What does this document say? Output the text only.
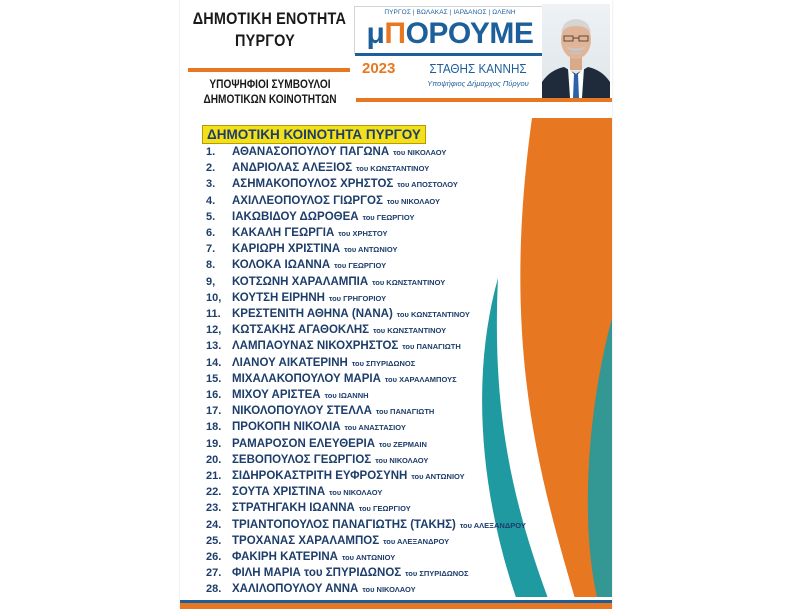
ΔΗΜΟΤΙΚΗ ΕΝΟΤΗΤΑ
ΠΥΡΓΟΥ
ΥΠΟΨΗΦΙΟΙ ΣΥΜΒΟΥΛΟΙ
ΔΗΜΟΤΙΚΩΝ ΚΟΙΝΟΤΗΤΩΝ
ΠΥΡΓΟΣ | ΒΩΛΑΚΑΣ | ΙΑΡΔΑΝΟΣ | ΩΛΕΝΗ
μΠΟΡΟΥΜΕ
2023	ΣΤΑΘΗΣ ΚΑΝΝΗΣ
Υποψήφιος Δήμαρχος Πύργου
ΔΗΜΟΤΙΚΗ ΚΟΙΝΟΤΗΤΑ ΠΥΡΓΟΥ
1. ΑΘΑΝΑΣΟΠΟΥΛΟΥ ΠΑΓΩΝΑ του ΝΙΚΟΛΑΟΥ
2. ΑΝΔΡΙΟΛΑΣ ΑΛΕΞΙΟΣ του ΚΩΝΣΤΑΝΤΙΝΟΥ
3. ΑΣΗΜΑΚΟΠΟΥΛΟΣ ΧΡΗΣΤΟΣ του ΑΠΟΣΤΟΛΟΥ
4. ΑΧΙΛΛΕΟΠΟΥΛΟΣ ΓΙΩΡΓΟΣ του ΝΙΚΟΛΑΟΥ
5. ΙΑΚΩΒΙΔΟΥ ΔΩΡΟΘΕΑ του ΓΕΩΡΓΙΟΥ
6. ΚΑΚΑΛΗ ΓΕΩΡΓΙΑ του ΧΡΗΣΤΟΥ
7. ΚΑΡΙΩΡΗ ΧΡΙΣΤΙΝΑ του ΑΝΤΩΝΙΟΥ
8. ΚΟΛΟΚΑ ΙΩΑΝΝΑ του ΓΕΩΡΓΙΟΥ
9, ΚΟΤΣΩΝΗ ΧΑΡΑΛΑΜΠΙΑ του ΚΩΝΣΤΑΝΤΙΝΟΥ
10, ΚΟΥΤΣΗ ΕΙΡΗΝΗ του ΓΡΗΓΟΡΙΟΥ
11. ΚΡΕΣΤΕΝΙΤΗ ΑΘΗΝΑ (ΝΑΝΑ) του ΚΩΝΣΤΑΝΤΙΝΟΥ
12, ΚΩΤΣΑΚΗΣ ΑΓΑΘΟΚΛΗΣ του ΚΩΝΣΤΑΝΤΙΝΟΥ
13. ΛΑΜΠΑΟΥΝΑΣ ΝΙΚΟΧΡΗΣΤΟΣ του ΠΑΝΑΓΙΩΤΗ
14. ΛΙΑΝΟΥ ΑΙΚΑΤΕΡΙΝΗ του ΣΠΥΡΙΔΩΝΟΣ
15. ΜΙΧΑΛΑΚΟΠΟΥΛΟΥ ΜΑΡΙΑ του ΧΑΡΑΛΑΜΠΟΥΣ
16. ΜΙΧΟΥ ΑΡΙΣΤΕΑ του ΙΩΑΝΝΗ
17. ΝΙΚΟΛΟΠΟΥΛΟΥ ΣΤΕΛΛΑ του ΠΑΝΑΓΙΩΤΗ
18. ΠΡΟΚΟΠΗ ΝΙΚΟΛΙΑ του ΑΝΑΣΤΑΣΙΟΥ
19. ΡΑΜΑΡΟΣΟΝ ΕΛΕΥΘΕΡΙΑ του ΖΕΡΜΑΙΝ
20. ΣΕΒΟΠΟΥΛΟΣ ΓΕΩΡΓΙΟΣ του ΝΙΚΟΛΑΟΥ
21. ΣΙΔΗΡΟΚΑΣΤΡΙΤΗ ΕΥΦΡΟΣΥΝΗ του ΑΝΤΩΝΙΟΥ
22. ΣΟΥΤΑ ΧΡΙΣΤΙΝΑ του ΝΙΚΟΛΑΟΥ
23. ΣΤΡΑΤΗΓΑΚΗ ΙΩΑΝΝΑ του ΓΕΩΡΓΙΟΥ
24. ΤΡΙΑΝΤΟΠΟΥΛΟΣ ΠΑΝΑΓΙΩΤΗΣ (ΤΑΚΗΣ) του ΑΛΕΞΑΝΔΡΟΥ
25. ΤΡΟΧΑΝΑΣ ΧΑΡΑΛΑΜΠΟΣ του ΑΛΕΞΑΝΔΡΟΥ
26. ΦΑΚΙΡΗ ΚΑΤΕΡΙΝΑ του ΑΝΤΩΝΙΟΥ
27. ΦΙΛΗ ΜΑΡΙΑ του ΣΠΥΡΙΔΩΝΟΣ του ΣΠΥΡΙΔΩΝΟΣ
28. ΧΑΛΙΛΟΠΟΥΛΟΥ ΑΝΝΑ του ΝΙΚΟΛΑΟΥ
